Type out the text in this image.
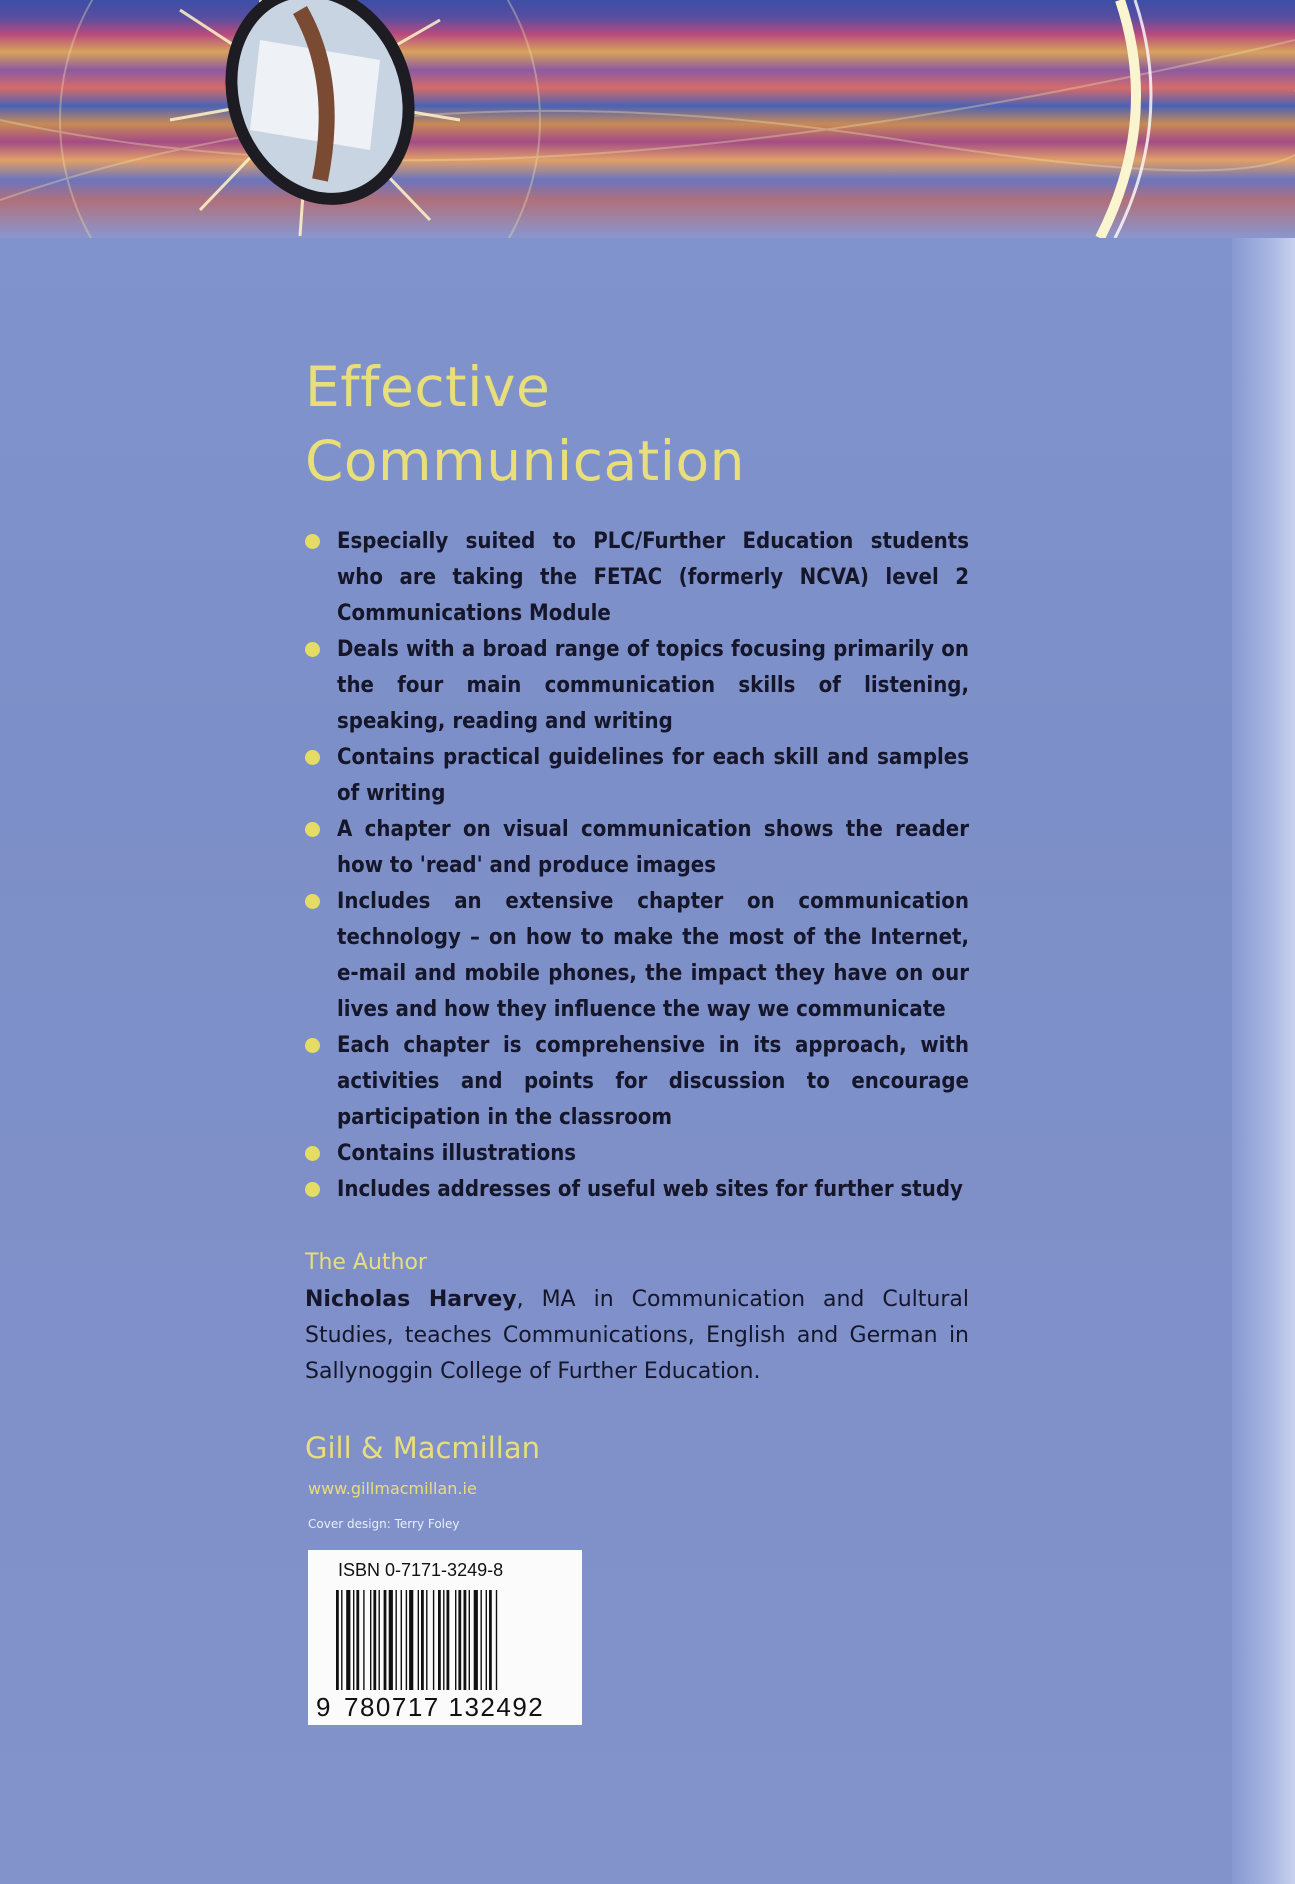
Effective
Communication
Especially suited to PLC/Further Education students who are taking the FETAC (formerly NCVA) level 2 Communications Module
Deals with a broad range of topics focusing primarily on the four main communication skills of listening, speaking, reading and writing
Contains practical guidelines for each skill and samples of writing
A chapter on visual communication shows the reader how to 'read' and produce images
Includes an extensive chapter on communication technology – on how to make the most of the Internet, e-mail and mobile phones, the impact they have on our lives and how they influence the way we communicate
Each chapter is comprehensive in its approach, with activities and points for discussion to encourage participation in the classroom
Contains illustrations
Includes addresses of useful web sites for further study
The Author
Nicholas Harvey, MA in Communication and Cultural Studies, teaches Communications, English and German in Sallynoggin College of Further Education.
Gill & Macmillan
www.gillmacmillan.ie
Cover design: Terry Foley
ISBN 0-7171-3249-8
9 780717 132492
